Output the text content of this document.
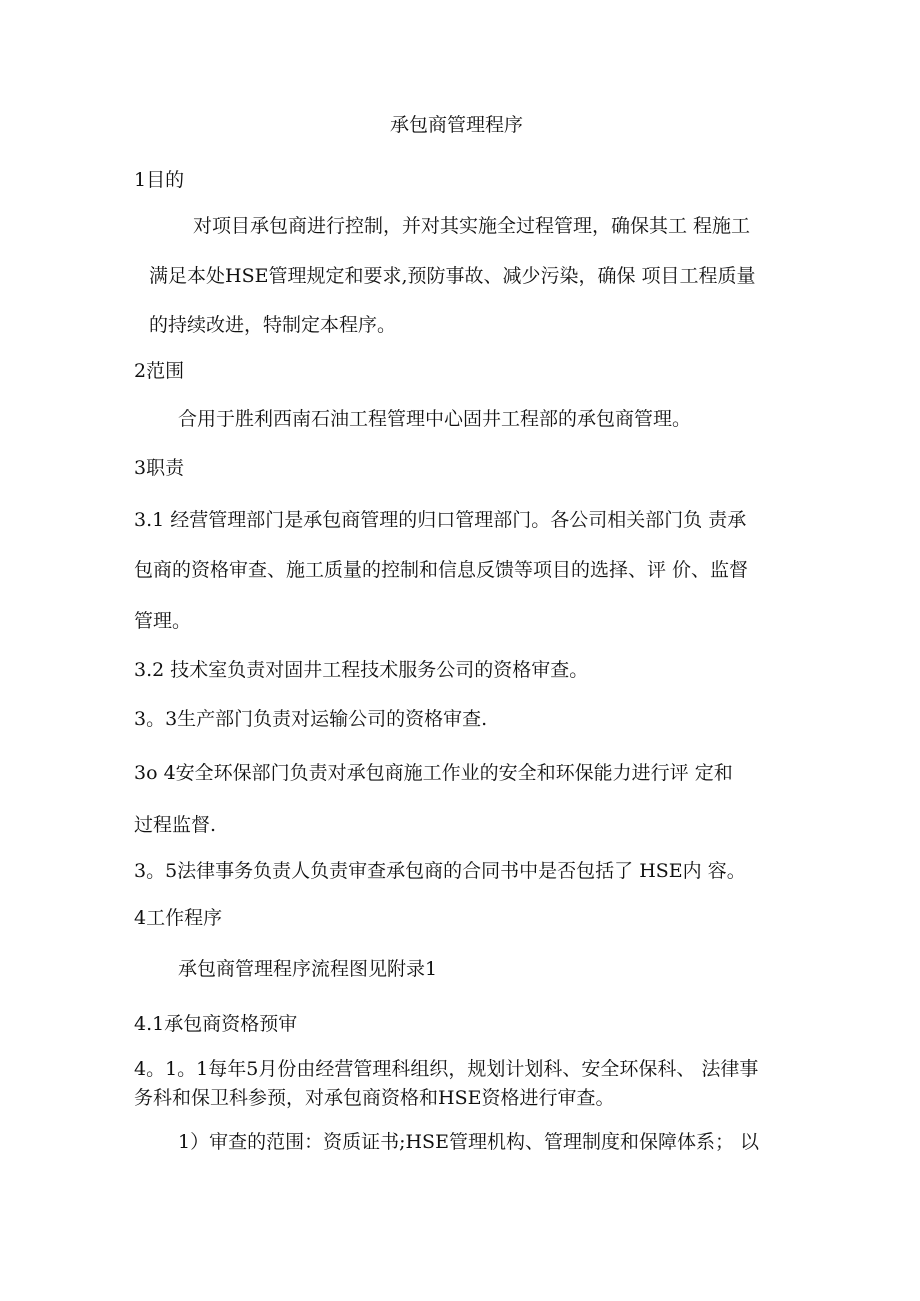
承包商管理程序
1目的
对项目承包商进行控制，并对其实施全过程管理，确保其工 程施工
满足本处HSE管理规定和要求,预防事故、减少污染，确保 项目工程质量
的持续改进，特制定本程序。
2范围
合用于胜利西南石油工程管理中心固井工程部的承包商管理。
3职责
3.1 经营管理部门是承包商管理的归口管理部门。各公司相关部门负 责承
包商的资格审查、施工质量的控制和信息反馈等项目的选择、评 价、监督
管理。
3.2 技术室负责对固井工程技术服务公司的资格审查。
3。3生产部门负责对运输公司的资格审查.
3o 4安全环保部门负责对承包商施工作业的安全和环保能力进行评 定和
过程监督.
3。5法律事务负责人负责审查承包商的合同书中是否包括了 HSE内 容。
4工作程序
承包商管理程序流程图见附录1
4.1承包商资格预审
4。1。1每年5月份由经营管理科组织，规划计划科、安全环保科、 法律事
务科和保卫科参预，对承包商资格和HSE资格进行审查。
1）审查的范围：资质证书;HSE管理机构、管理制度和保障体系； 以
